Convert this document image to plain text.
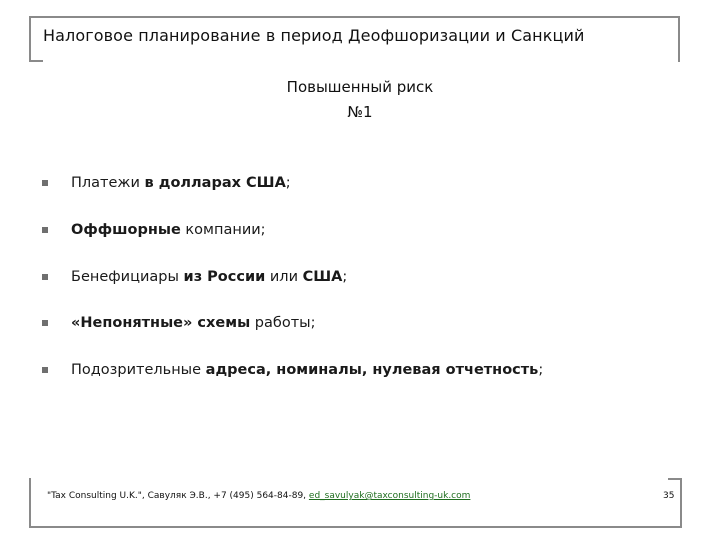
Налоговое планирование в период Деофшоризации и Санкций
Повышенный риск
№1
Платежи в долларах США;
Оффшорные компании;
Бенефициары из России или США;
«Непонятные» схемы работы;
Подозрительные адреса, номиналы, нулевая отчетность;
"Tax Consulting U.K.", Савуляк Э.В., +7 (495) 564-84-89, ed_savulyak@taxconsulting-uk.com	35
